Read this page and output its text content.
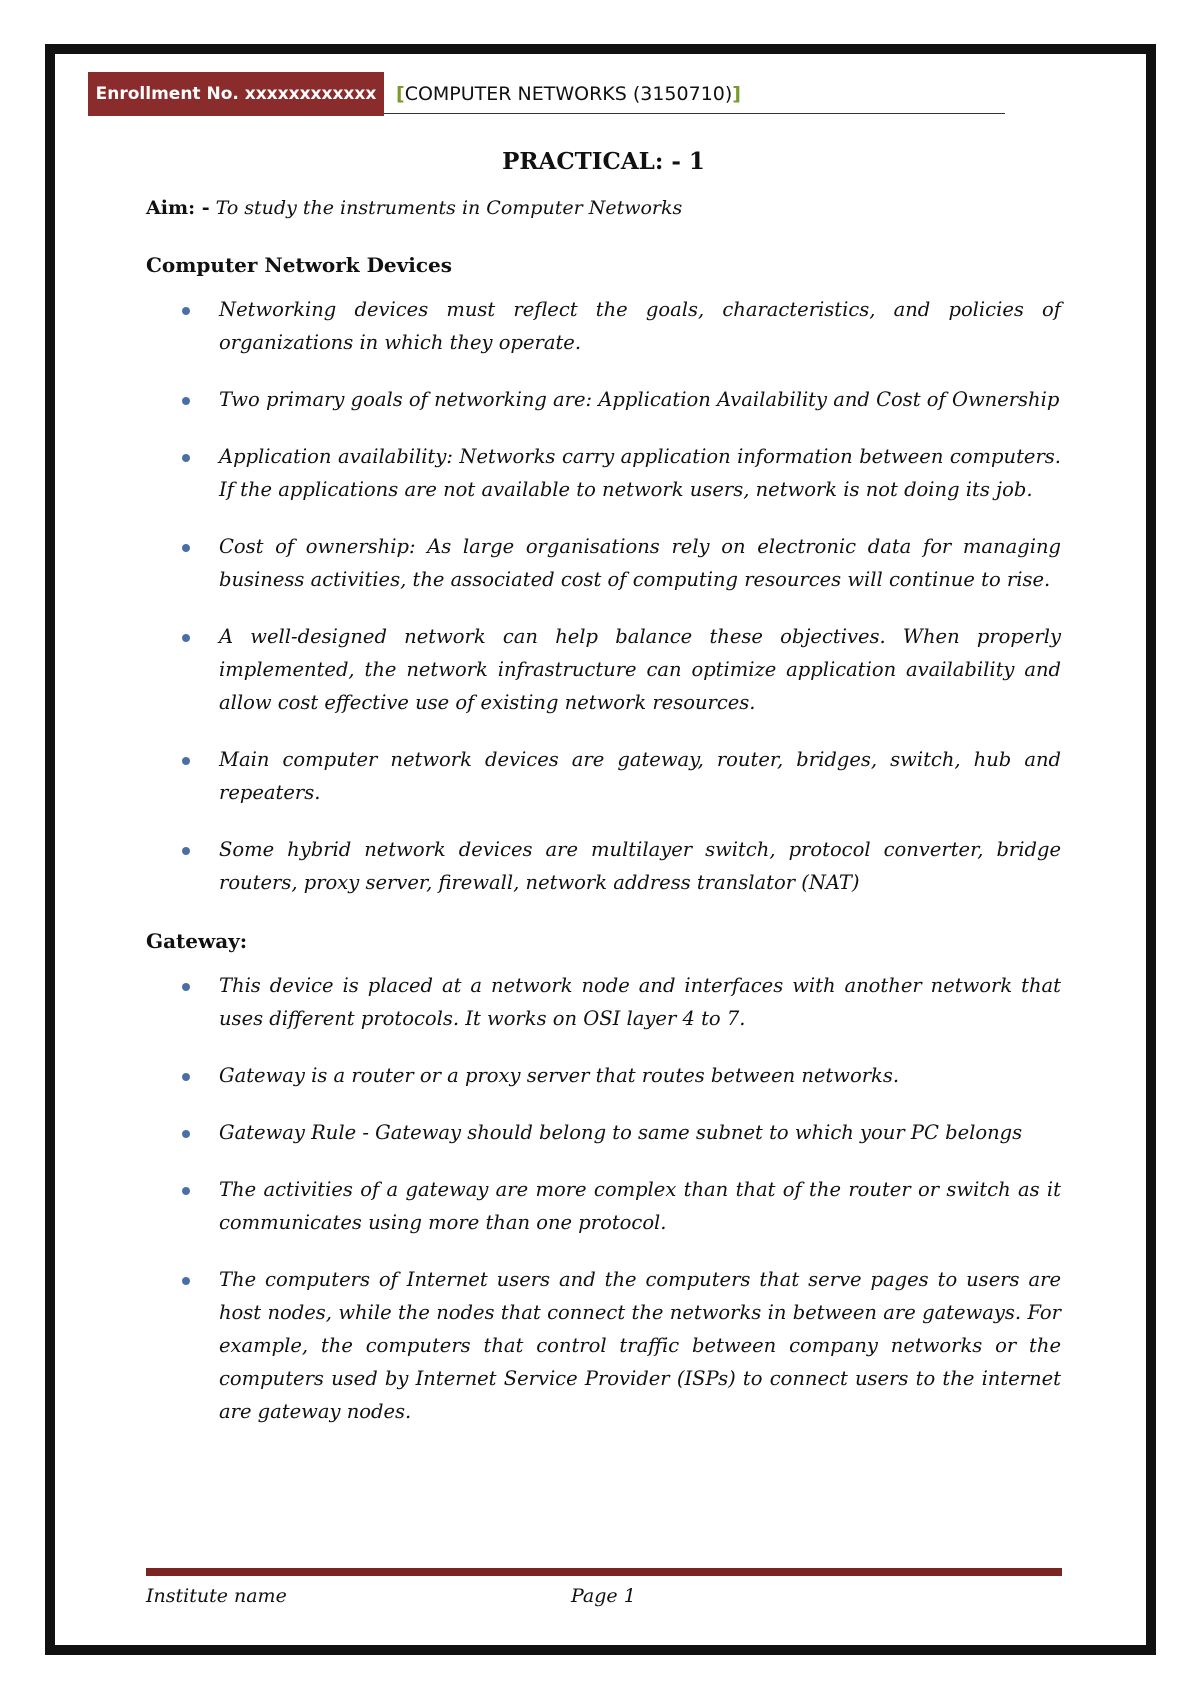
Enrollment No. xxxxxxxxxxxx	[COMPUTER NETWORKS (3150710)]
PRACTICAL: - 1
Aim: - To study the instruments in Computer Networks
Computer Network Devices
Networking devices must reflect the goals, characteristics, and policies of organizations in which they operate.
Two primary goals of networking are: Application Availability and Cost of Ownership
Application availability: Networks carry application information between computers. If the applications are not available to network users, network is not doing its job.
Cost of ownership: As large organisations rely on electronic data for managing business activities, the associated cost of computing resources will continue to rise.
A well-designed network can help balance these objectives. When properly implemented, the network infrastructure can optimize application availability and allow cost effective use of existing network resources.
Main computer network devices are gateway, router, bridges, switch, hub and repeaters.
Some hybrid network devices are multilayer switch, protocol converter, bridge routers, proxy server, firewall, network address translator (NAT)
Gateway:
This device is placed at a network node and interfaces with another network that uses different protocols. It works on OSI layer 4 to 7.
Gateway is a router or a proxy server that routes between networks.
Gateway Rule - Gateway should belong to same subnet to which your PC belongs
The activities of a gateway are more complex than that of the router or switch as it communicates using more than one protocol.
The computers of Internet users and the computers that serve pages to users are host nodes, while the nodes that connect the networks in between are gateways. For example, the computers that control traffic between company networks or the computers used by Internet Service Provider (ISPs) to connect users to the internet are gateway nodes.
Institute name	Page 1
